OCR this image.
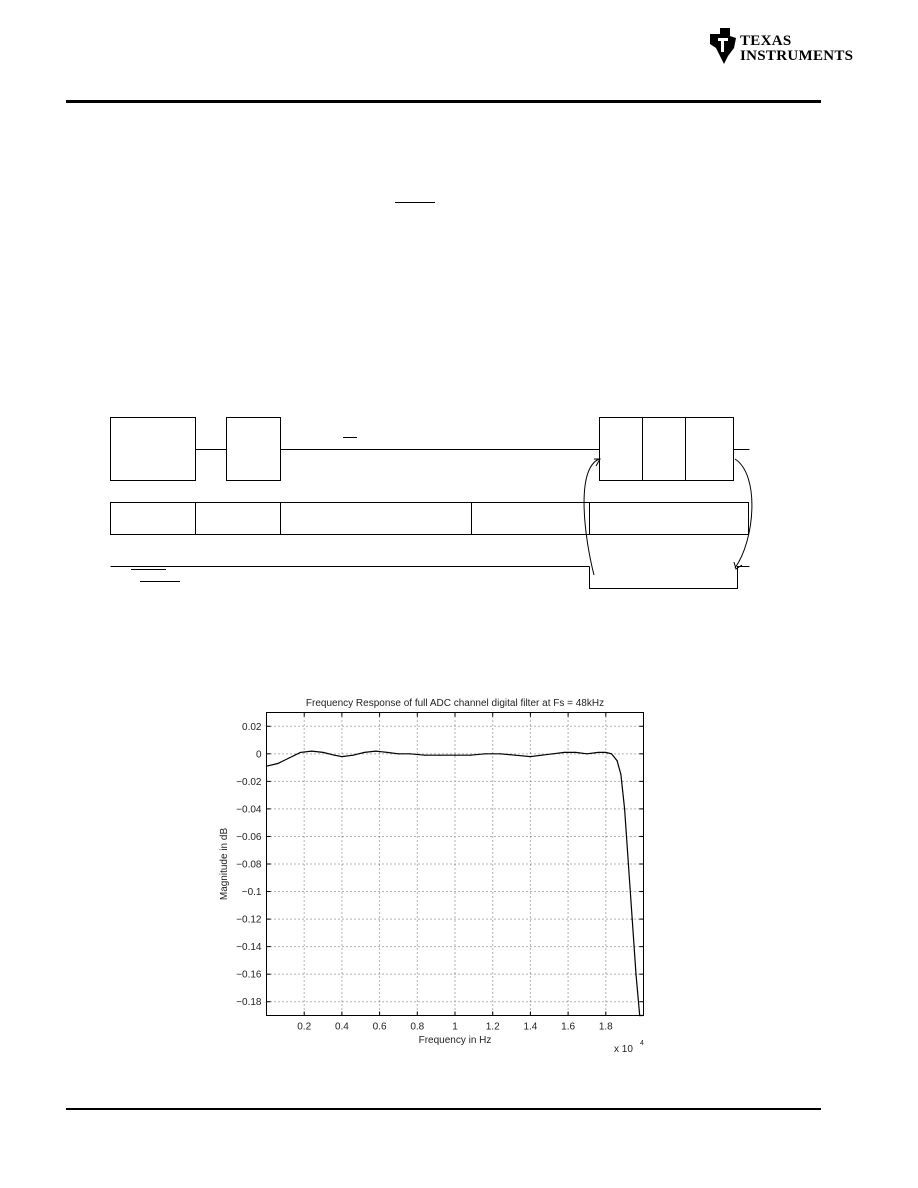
TEXAS
INSTRUMENTS
0.2 0.4 0.6 0.8	1	1.2 1.4 1.6 1.8
0.02
0
−0.02
−0.04
−0.06
−0.08
−0.1
−0.12
−0.14
−0.16
−0.18
Frequency Response of full ADC channel digital filter at Fs = 48kHz
Frequency in Hz
Magnitude in dB
x 10
4
